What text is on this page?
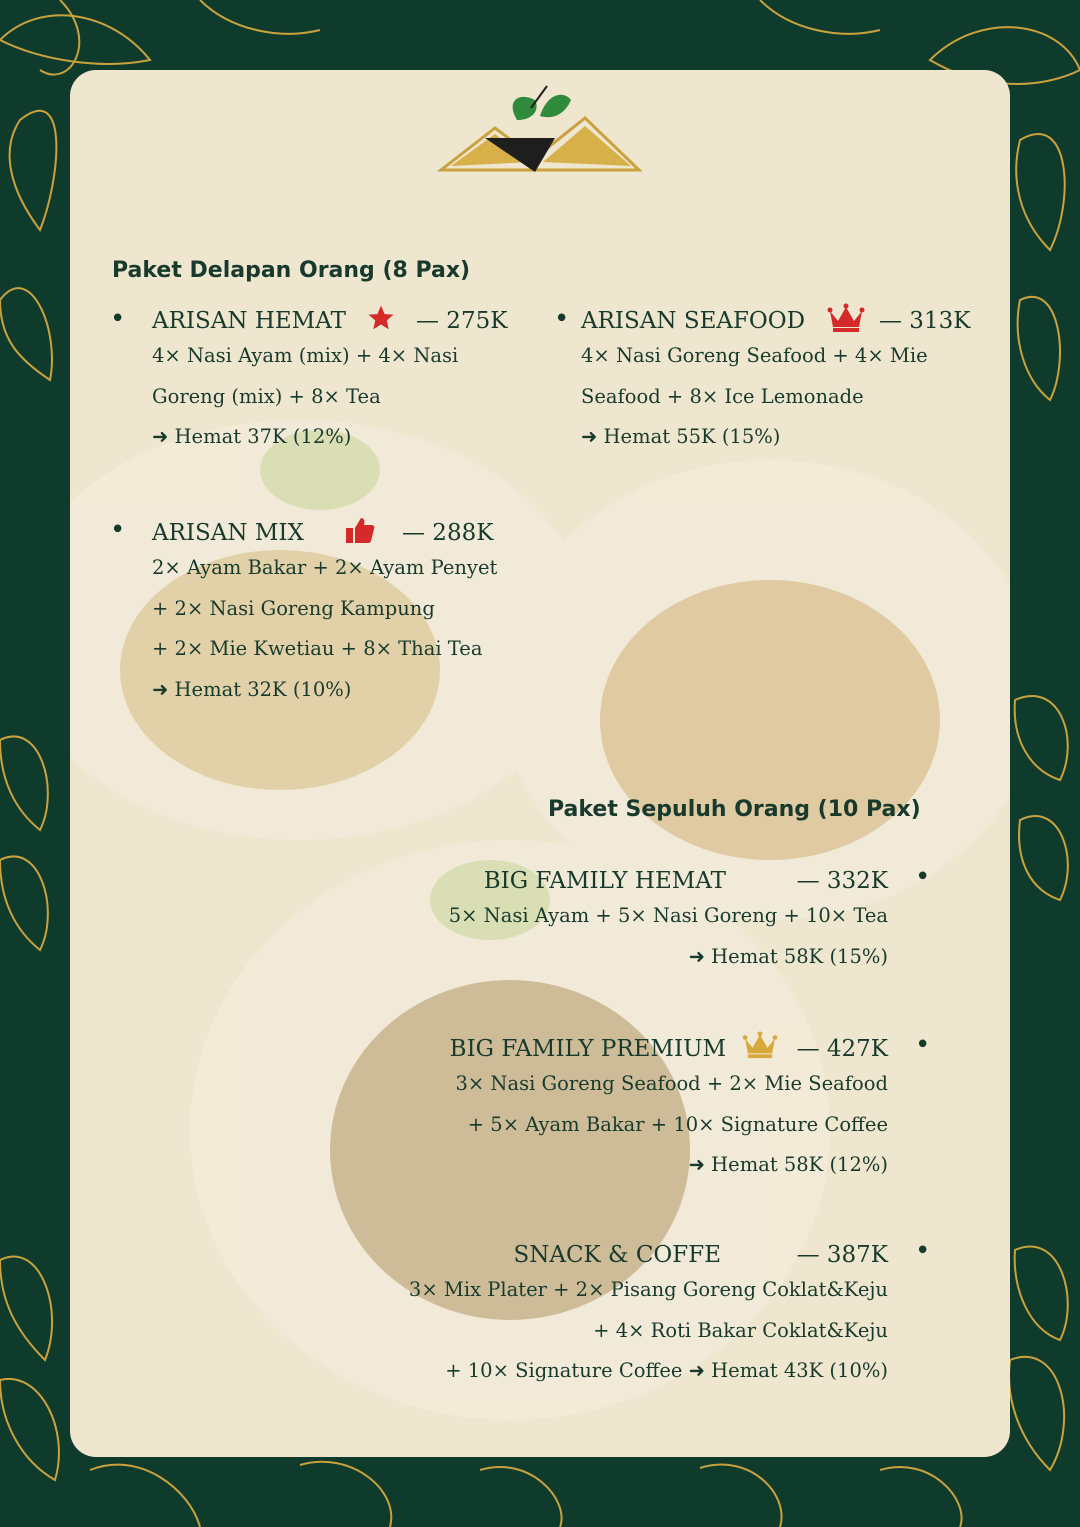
Paket Delapan Orang (8 Pax)
• ARISAN HEMAT	— 275K
4× Nasi Ayam (mix) + 4× Nasi
Goreng (mix) + 8× Tea
➜ Hemat 37K (12%)
• ARISAN SEAFOOD	— 313K
4× Nasi Goreng Seafood + 4× Mie
Seafood + 8× Ice Lemonade
➜ Hemat 55K (15%)
• ARISAN MIX	— 288K
2× Ayam Bakar + 2× Ayam Penyet
+ 2× Nasi Goreng Kampung
+ 2× Mie Kwetiau + 8× Thai Tea
➜ Hemat 32K (10%)
Paket Sepuluh Orang (10 Pax)
•
BIG FAMILY HEMAT	— 332K

5× Nasi Ayam + 5× Nasi Goreng + 10× Tea
➜ Hemat 58K (15%)
•
BIG FAMILY PREMIUM	— 427K

3× Nasi Goreng Seafood + 2× Mie Seafood
+ 5× Ayam Bakar + 10× Signature Coffee
➜ Hemat 58K (12%)
•
SNACK & COFFE	— 387K

3× Mix Plater + 2× Pisang Goreng Coklat&Keju
+ 4× Roti Bakar Coklat&Keju
+ 10× Signature Coffee ➜ Hemat 43K (10%)
